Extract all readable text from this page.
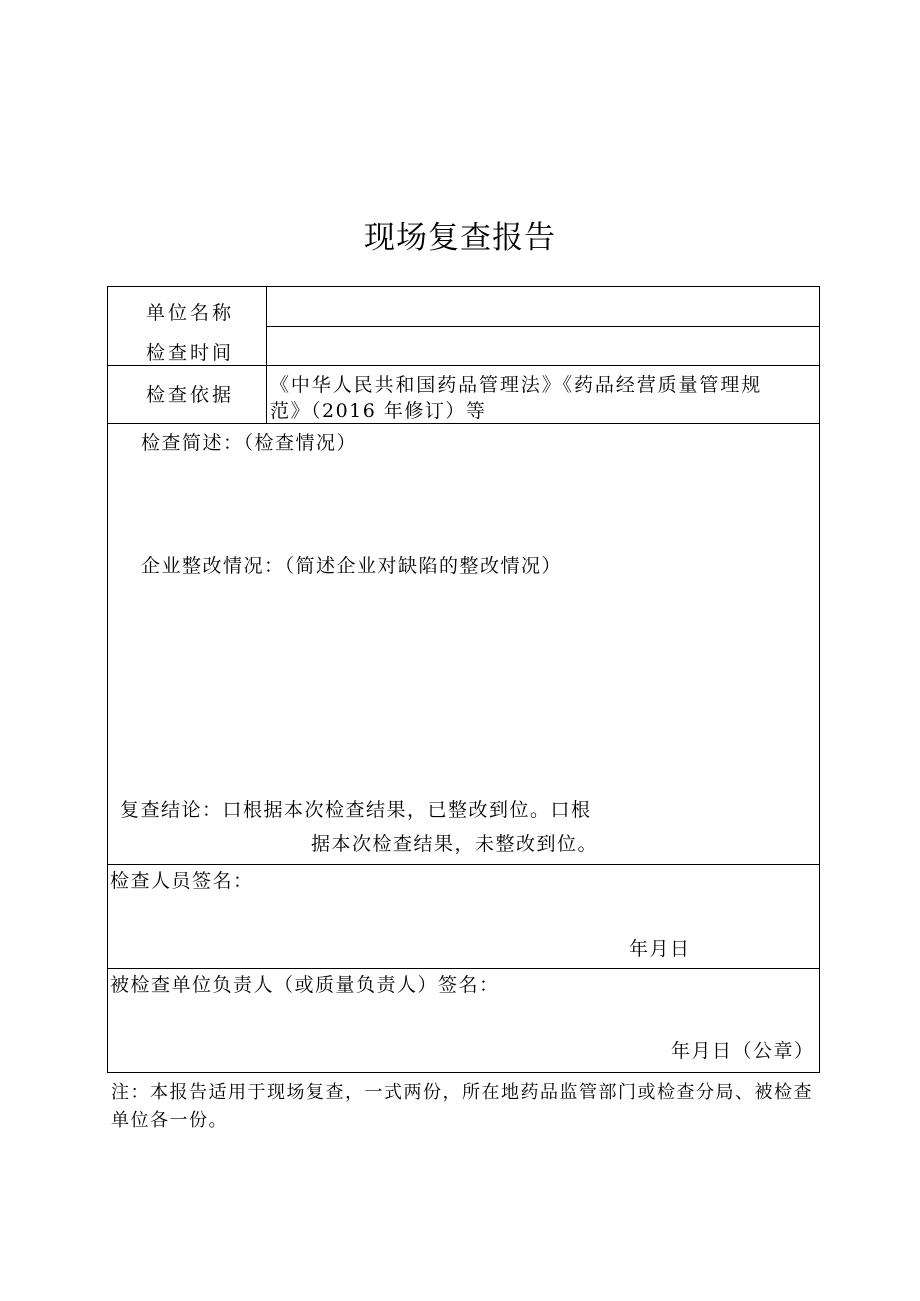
现场复查报告
单位名称
检查时间
检查依据 《中华人民共和国药品管理法》《药品经营质量管理规
范》（2016 年修订）等
检查简述：（检查情况）
企业整改情况：（简述企业对缺陷的整改情况）
复查结论：口根据本次检查结果，已整改到位。口根
据本次检查结果，未整改到位。
检查人员签名：
年月日
被检查单位负责人（或质量负责人）签名：
年月日（公章）
注：本报告适用于现场复查，一式两份，所在地药品监管部门或检查分局、被检查单位各一份。
